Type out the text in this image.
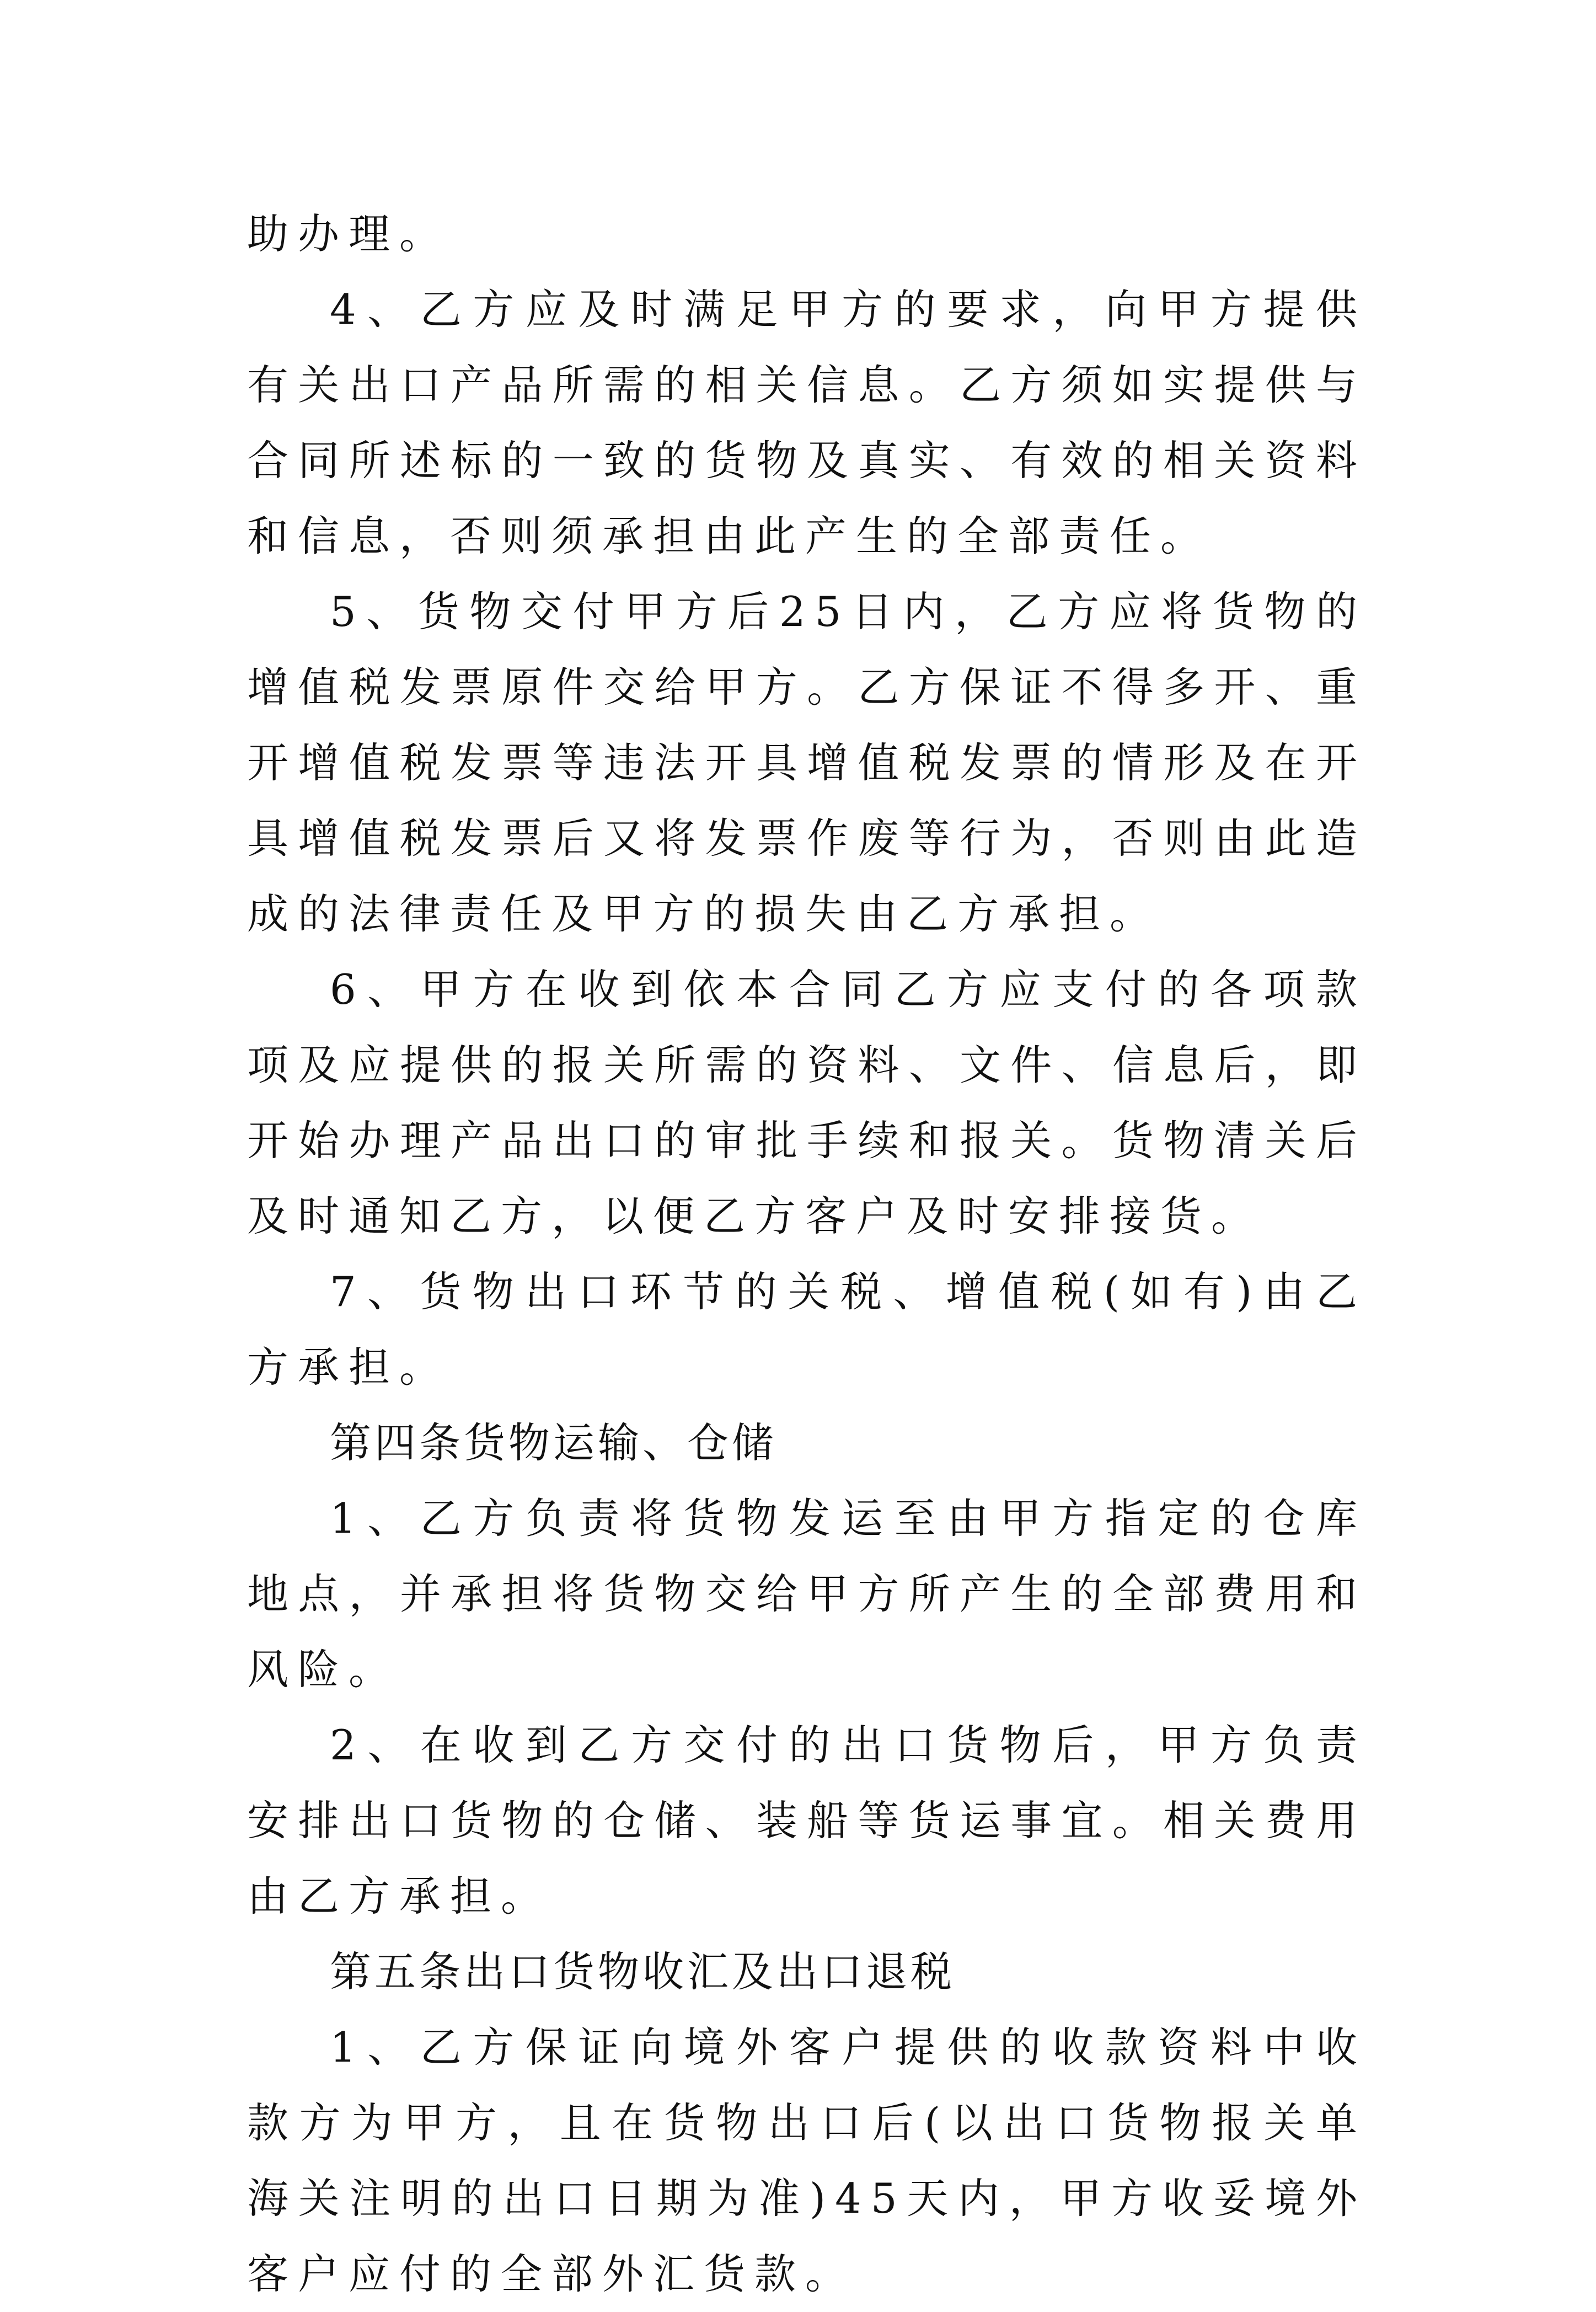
助办理。

4、乙方应及时满足甲方的要求，向甲方提供有关出口产品所需的相关信息。乙方须如实提供与合同所述标的一致的货物及真实、有效的相关资料和信息，否则须承担由此产生的全部责任。

5、货物交付甲方后25日内，乙方应将货物的增值税发票原件交给甲方。乙方保证不得多开、重开增值税发票等违法开具增值税发票的情形及在开具增值税发票后又将发票作废等行为，否则由此造成的法律责任及甲方的损失由乙方承担。

6、甲方在收到依本合同乙方应支付的各项款项及应提供的报关所需的资料、文件、信息后，即开始办理产品出口的审批手续和报关。货物清关后及时通知乙方，以便乙方客户及时安排接货。

7、货物出口环节的关税、增值税(如有)由乙方承担。

第四条货物运输、仓储

1、乙方负责将货物发运至由甲方指定的仓库地点，并承担将货物交给甲方所产生的全部费用和风险。

2、在收到乙方交付的出口货物后，甲方负责安排出口货物的仓储、装船等货运事宜。相关费用由乙方承担。

第五条出口货物收汇及出口退税

1、乙方保证向境外客户提供的收款资料中收款方为甲方，且在货物出口后(以出口货物报关单海关注明的出口日期为准)45天内，甲方收妥境外客户应付的全部外汇货款。
